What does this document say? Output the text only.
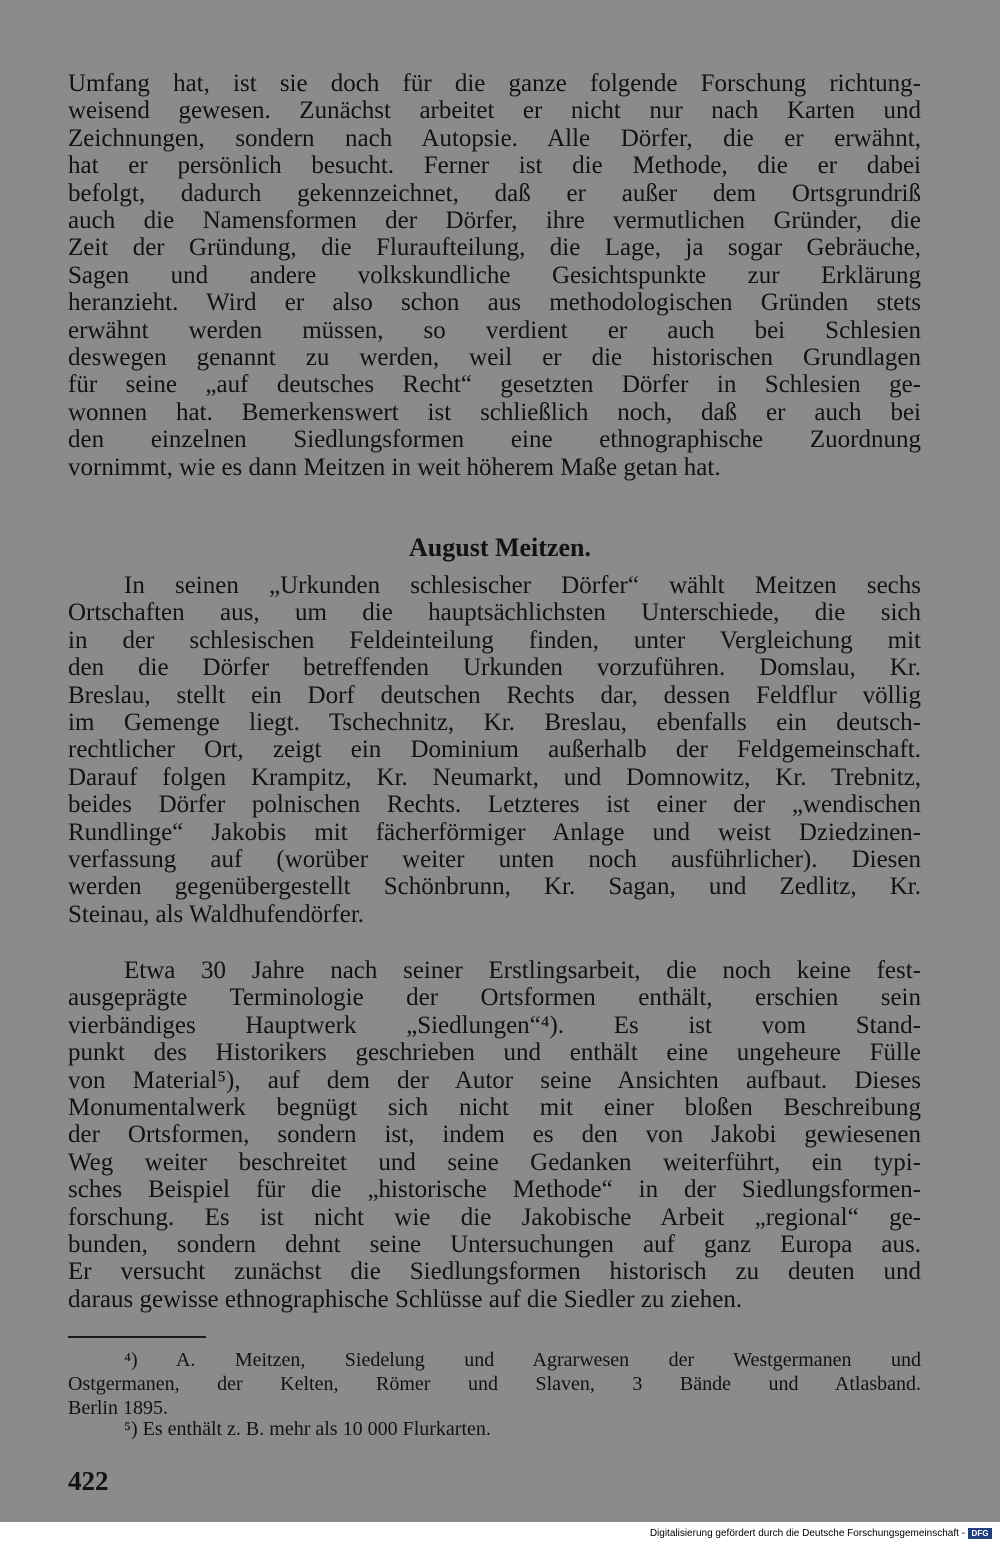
Umfang hat, ist sie doch für die ganze folgende Forschung richtung-
weisend gewesen. Zunächst arbeitet er nicht nur nach Karten und
Zeichnungen, sondern nach Autopsie. Alle Dörfer, die er erwähnt,
hat er persönlich besucht. Ferner ist die Methode, die er dabei
befolgt, dadurch gekennzeichnet, daß er außer dem Ortsgrundriß
auch die Namensformen der Dörfer, ihre vermutlichen Gründer, die
Zeit der Gründung, die Fluraufteilung, die Lage, ja sogar Gebräuche,
Sagen und andere volkskundliche Gesichtspunkte zur Erklärung
heranzieht. Wird er also schon aus methodologischen Gründen stets
erwähnt werden müssen, so verdient er auch bei Schlesien
deswegen genannt zu werden, weil er die historischen Grundlagen
für seine „auf deutsches Recht“ gesetzten Dörfer in Schlesien ge-
wonnen hat. Bemerkenswert ist schließlich noch, daß er auch bei
den einzelnen Siedlungsformen eine ethnographische Zuordnung
vornimmt, wie es dann Meitzen in weit höherem Maße getan hat.
August Meitzen.
In seinen „Urkunden schlesischer Dörfer“ wählt Meitzen sechs
Ortschaften aus, um die hauptsächlichsten Unterschiede, die sich
in der schlesischen Feldeinteilung finden, unter Vergleichung mit
den die Dörfer betreffenden Urkunden vorzuführen. Domslau, Kr.
Breslau, stellt ein Dorf deutschen Rechts dar, dessen Feldflur völlig
im Gemenge liegt. Tschechnitz, Kr. Breslau, ebenfalls ein deutsch-
rechtlicher Ort, zeigt ein Dominium außerhalb der Feldgemeinschaft.
Darauf folgen Krampitz, Kr. Neumarkt, und Domnowitz, Kr. Trebnitz,
beides Dörfer polnischen Rechts. Letzteres ist einer der „wendischen
Rundlinge“ Jakobis mit fächerförmiger Anlage und weist Dziedzinen-
verfassung auf (worüber weiter unten noch ausführlicher). Diesen
werden gegenübergestellt Schönbrunn, Kr. Sagan, und Zedlitz, Kr.
Steinau, als Waldhufendörfer.
Etwa 30 Jahre nach seiner Erstlingsarbeit, die noch keine fest-
ausgeprägte Terminologie der Ortsformen enthält, erschien sein
vierbändiges Hauptwerk „Siedlungen“⁴). Es ist vom Stand-
punkt des Historikers geschrieben und enthält eine ungeheure Fülle
von Material⁵), auf dem der Autor seine Ansichten aufbaut. Dieses
Monumentalwerk begnügt sich nicht mit einer bloßen Beschreibung
der Ortsformen, sondern ist, indem es den von Jakobi gewiesenen
Weg weiter beschreitet und seine Gedanken weiterführt, ein typi-
sches Beispiel für die „historische Methode“ in der Siedlungsformen-
forschung. Es ist nicht wie die Jakobische Arbeit „regional“ ge-
bunden, sondern dehnt seine Untersuchungen auf ganz Europa aus.
Er versucht zunächst die Siedlungsformen historisch zu deuten und
daraus gewisse ethnographische Schlüsse auf die Siedler zu ziehen.
⁴) A. Meitzen, Siedelung und Agrarwesen der Westgermanen und
Ostgermanen, der Kelten, Römer und Slaven, 3 Bände und Atlasband.
Berlin 1895.

⁵) Es enthält z. B. mehr als 10 000 Flurkarten.

422

Digitalisierung gefördert durch die Deutsche Forschungsgemeinschaft - DFG
